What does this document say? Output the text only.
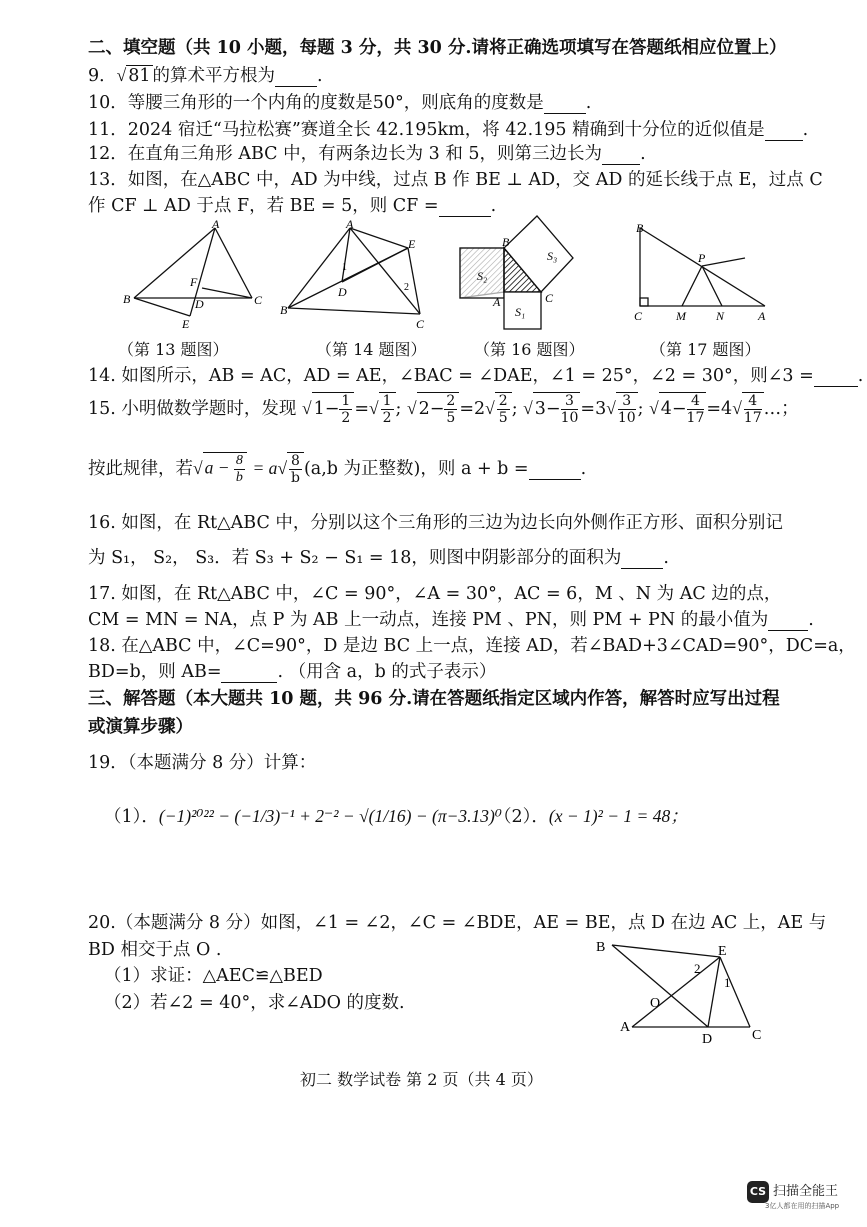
二、填空题（共 10 小题，每题 3 分，共 30 分.请将正确选项填写在答题纸相应位置上）
9．√ 81 的算术平方根为 .
10．等腰三角形的一个内角的度数是50°，则底角的度数是 .
11．2024 宿迁“马拉松赛”赛道全长 42.195km，将 42.195 精确到十分位的近似值是 .
12．在直角三角形 ABC 中，有两条边长为 3 和 5，则第三边长为 .
13．如图，在△ABC 中，AD 为中线，过点 B 作 BE ⊥ AD，交 AD 的延长线于点 E，过点 C
作 CF ⊥ AD 于点 F，若 BE = 5，则 CF =	.
A
B	C
D
E
F
（第 13 题图）
A
B
C
D
E
1
2
（第 14 题图）
B
A	C
S₁
S₂
S₃
（第 16 题图）
B
P
C	M	N	A
（第 17 题图）
14. 如图所示，AB = AC，AD = AE，∠BAC = ∠DAE，∠1 = 25°，∠2 = 30°，则∠3 =	.
15. 小明做数学题时，发现 √ $1- \frac{1}{2}$ =√ $\frac{1}{2}$ ; √ $2- \frac{2}{5} =2√ \frac{2}{5}$ ; √ $3- \frac{3}{10} =3√ \frac{3}{10}$ ; √ $4- \frac{4}{17} =4√ \frac{4}{17}$ …；
按此规律，若√ $a - \frac{8}{b} = a√ \frac{8}{b} (a,b$ 为正整数)，则 a + b =	.
16. 如图，在 Rt△ABC 中，分别以这个三角形的三边为边长向外侧作正方形、面积分别记
为 S₁， S₂， S₃．若 S₃ + S₂ − S₁ = 18，则图中阴影部分的面积为 .
17. 如图，在 Rt△ABC 中，∠C = 90°，∠A = 30°，AC = 6，M 、N 为 AC 边的点，
CM = MN = NA，点 P 为 AB 上一动点，连接 PM 、PN，则 PM + PN 的最小值为 .
18. 在△ABC 中，∠C=90°，D 是边 BC 上一点，连接 AD，若∠BAD+3∠CAD=90°，DC=a，
BD=b，则 AB=	. （用含 a，b 的式子表示）
三、解答题（本大题共 10 题，共 96 分.请在答题纸指定区域内作答，解答时应写出过程
或演算步骤）
19．（本题满分 8 分）计算：
（1）．(−1)²⁰²² − (−1/3)⁻¹ + 2⁻² − √(1/16) − (π−3.13)⁰
（2）．(x − 1)² − 1 = 48；
20.（本题满分 8 分）如图，∠1 = ∠2，∠C = ∠BDE，AE = BE，点 D 在边 AC 上，AE 与
BD 相交于点 O .
（1）求证：△AEC≌△BED
（2）若∠2 = 40°，求∠ADO 的度数.
B	E
2
1
O
A
D	C
初二 数学试卷 第 2 页（共 4 页）
CS 扫描全能王
3亿人都在用的扫描App
